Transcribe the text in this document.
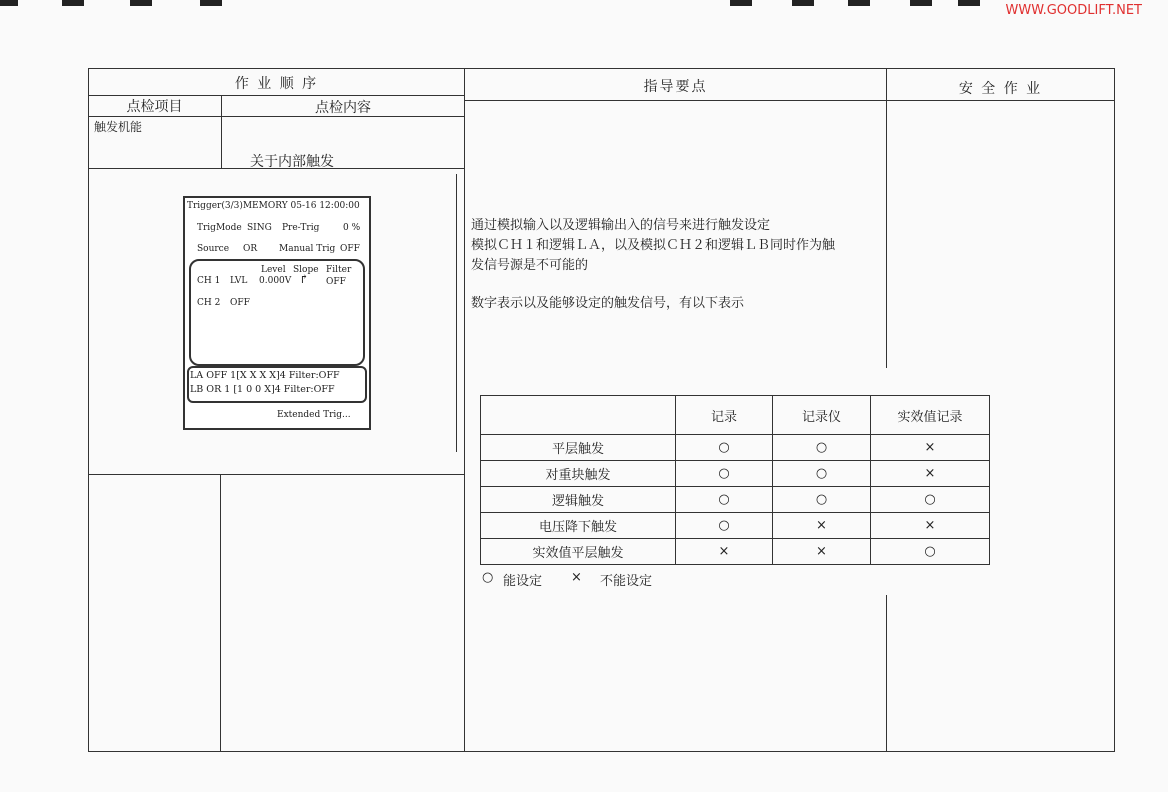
WWW.GOODLIFT.NET
作 业 顺 序	指导要点	安 全 作 业
点检项目	点检内容
触发机能
关于内部触发
Trigger(3/3)MEMORY 05-16 12:00:00
TrigMode SING Pre-Trig	0 %
Source OR Manual Trig OFF
Level Slope Filter
CH 1 LVL 0.000V ↱ OFF
CH 2 OFF
LA OFF 1[X X X X]4 Filter:OFF
LB OR 1 [1 0 0 X]4 Filter:OFF
Extended Trig...
通过模拟输入以及逻辑输出入的信号来进行触发设定
模拟ＣＨ１和逻辑ＬＡ，以及模拟ＣＨ２和逻辑ＬＢ同时作为触
发信号源是不可能的
数字表示以及能够设定的触发信号，有以下表示
	记录	记录仪	实效值记录
平层触发	○	○	×
对重块触发	○	○	×
逻辑触发	○	○	○
电压降下触发	○	×	×
实效值平层触发	×	×	○
○ 能设定 × 不能设定
